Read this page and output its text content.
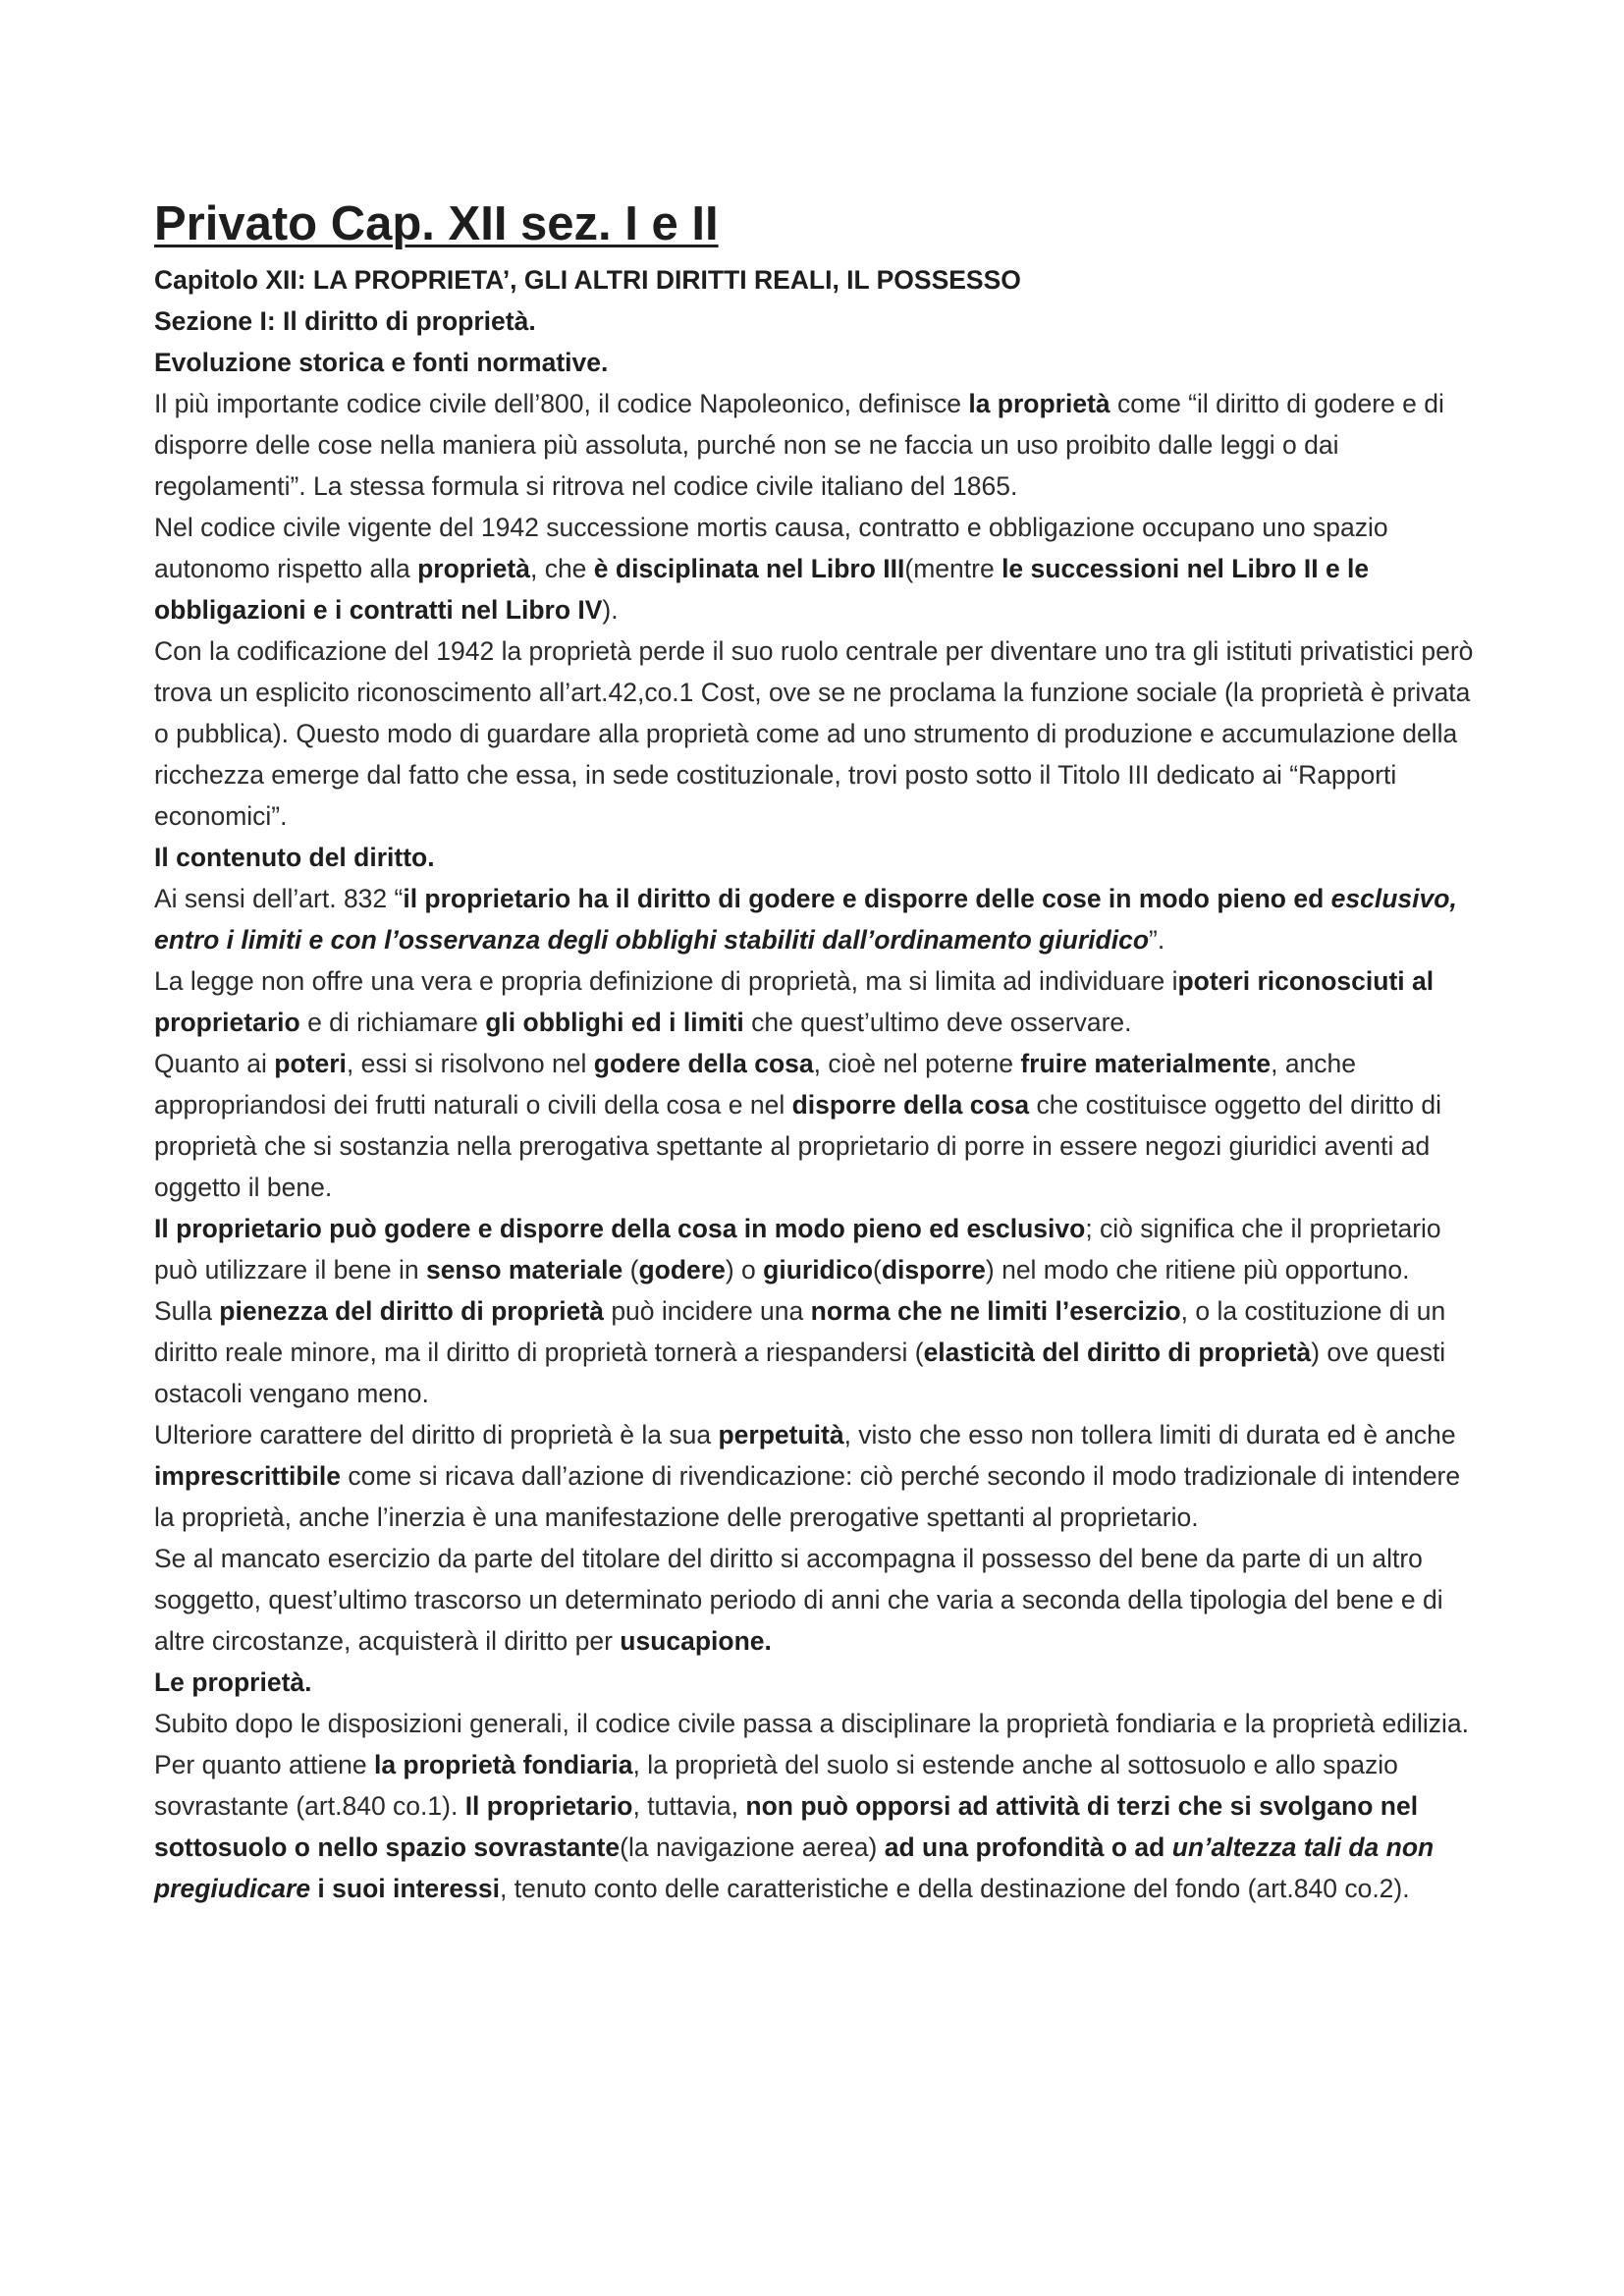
Privato Cap. XII sez. I e II
Capitolo XII: LA PROPRIETA’, GLI ALTRI DIRITTI REALI, IL POSSESSO
Sezione I: Il diritto di proprietà.
Evoluzione storica e fonti normative.

Il più importante codice civile dell’800, il codice Napoleonico, definisce la proprietà come “il diritto di godere e di disporre delle cose nella maniera più assoluta, purché non se ne faccia un uso proibito dalle leggi o dai regolamenti”. La stessa formula si ritrova nel codice civile italiano del 1865.

Nel codice civile vigente del 1942 successione mortis causa, contratto e obbligazione occupano uno spazio autonomo rispetto alla proprietà, che è disciplinata nel Libro III(mentre le successioni nel Libro II e le obbligazioni e i contratti nel Libro IV).

Con la codificazione del 1942 la proprietà perde il suo ruolo centrale per diventare uno tra gli istituti privatistici però trova un esplicito riconoscimento all’art.42,co.1 Cost, ove se ne proclama la funzione sociale (la proprietà è privata o pubblica). Questo modo di guardare alla proprietà come ad uno strumento di produzione e accumulazione della ricchezza emerge dal fatto che essa, in sede costituzionale, trovi posto sotto il Titolo III dedicato ai “Rapporti economici”.

Il contenuto del diritto.

Ai sensi dell’art. 832 “il proprietario ha il diritto di godere e disporre delle cose in modo pieno ed esclusivo, entro i limiti e con l’osservanza degli obblighi stabiliti dall’ordinamento giuridico”.

La legge non offre una vera e propria definizione di proprietà, ma si limita ad individuare ipoteri riconosciuti al proprietario e di richiamare gli obblighi ed i limiti che quest’ultimo deve osservare.

Quanto ai poteri, essi si risolvono nel godere della cosa, cioè nel poterne fruire materialmente, anche appropriandosi dei frutti naturali o civili della cosa e nel disporre della cosa che costituisce oggetto del diritto di proprietà che si sostanzia nella prerogativa spettante al proprietario di porre in essere negozi giuridici aventi ad oggetto il bene.

Il proprietario può godere e disporre della cosa in modo pieno ed esclusivo; ciò significa che il proprietario può utilizzare il bene in senso materiale (godere) o giuridico(disporre) nel modo che ritiene più opportuno.

Sulla pienezza del diritto di proprietà può incidere una norma che ne limiti l’esercizio, o la costituzione di un diritto reale minore, ma il diritto di proprietà tornerà a riespandersi (elasticità del diritto di proprietà) ove questi ostacoli vengano meno.

Ulteriore carattere del diritto di proprietà è la sua perpetuità, visto che esso non tollera limiti di durata ed è anche imprescrittibile come si ricava dall’azione di rivendicazione: ciò perché secondo il modo tradizionale di intendere la proprietà, anche l’inerzia è una manifestazione delle prerogative spettanti al proprietario.

Se al mancato esercizio da parte del titolare del diritto si accompagna il possesso del bene da parte di un altro soggetto, quest’ultimo trascorso un determinato periodo di anni che varia a seconda della tipologia del bene e di altre circostanze, acquisterà il diritto per usucapione.

Le proprietà.

Subito dopo le disposizioni generali, il codice civile passa a disciplinare la proprietà fondiaria e la proprietà edilizia.

Per quanto attiene la proprietà fondiaria, la proprietà del suolo si estende anche al sottosuolo e allo spazio sovrastante (art.840 co.1). Il proprietario, tuttavia, non può opporsi ad attività di terzi che si svolgano nel sottosuolo o nello spazio sovrastante(la navigazione aerea) ad una profondità o ad un’altezza tali da non pregiudicare i suoi interessi, tenuto conto delle caratteristiche e della destinazione del fondo (art.840 co.2).
